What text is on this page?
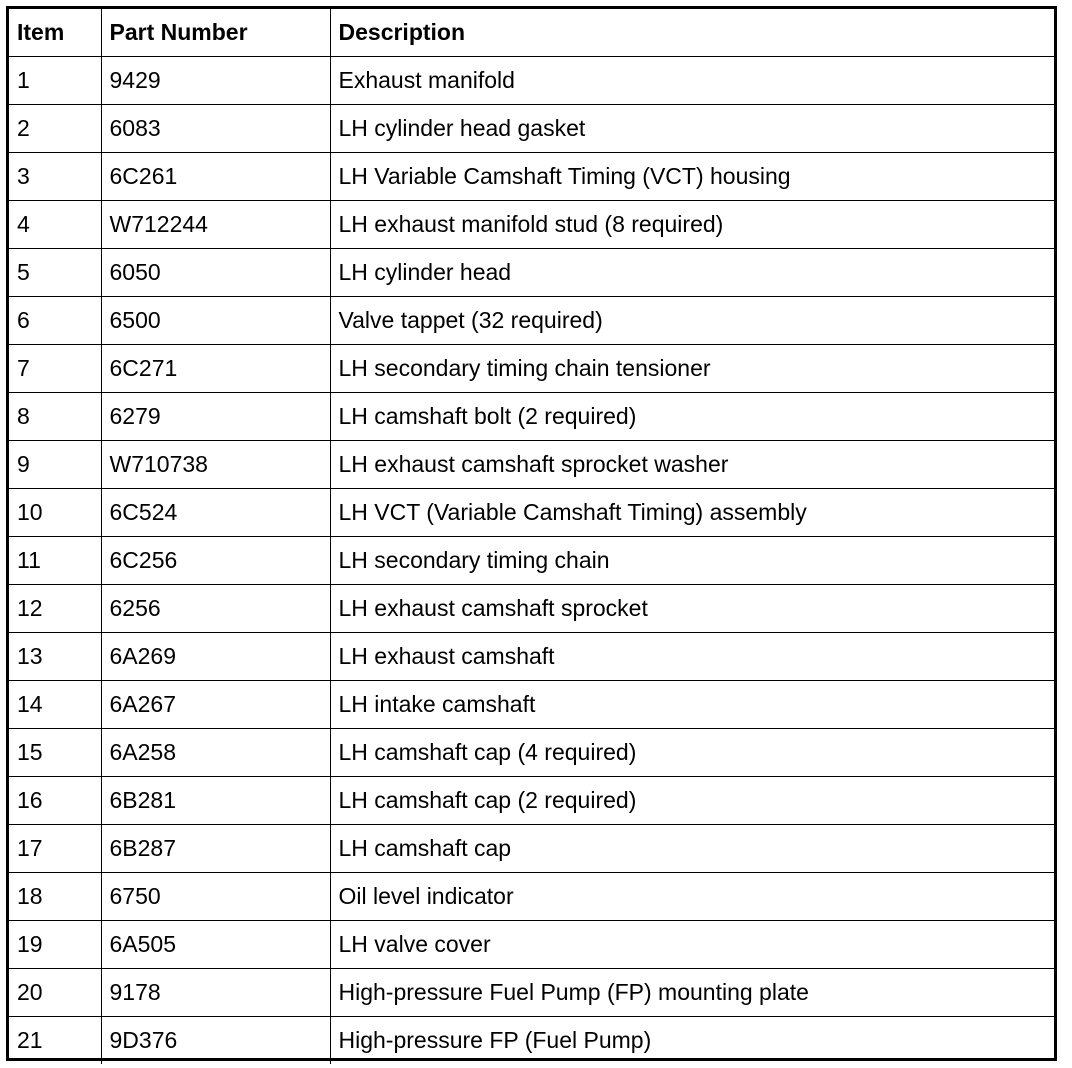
Item	Part Number	Description
1	9429	Exhaust manifold
2	6083	LH cylinder head gasket
3	6C261	LH Variable Camshaft Timing (VCT) housing
4	W712244	LH exhaust manifold stud (8 required)
5	6050	LH cylinder head
6	6500	Valve tappet (32 required)
7	6C271	LH secondary timing chain tensioner
8	6279	LH camshaft bolt (2 required)
9	W710738	LH exhaust camshaft sprocket washer
10	6C524	LH VCT (Variable Camshaft Timing) assembly
11	6C256	LH secondary timing chain
12	6256	LH exhaust camshaft sprocket
13	6A269	LH exhaust camshaft
14	6A267	LH intake camshaft
15	6A258	LH camshaft cap (4 required)
16	6B281	LH camshaft cap (2 required)
17	6B287	LH camshaft cap
18	6750	Oil level indicator
19	6A505	LH valve cover
20	9178	High-pressure Fuel Pump (FP) mounting plate
21	9D376	High-pressure FP (Fuel Pump)
